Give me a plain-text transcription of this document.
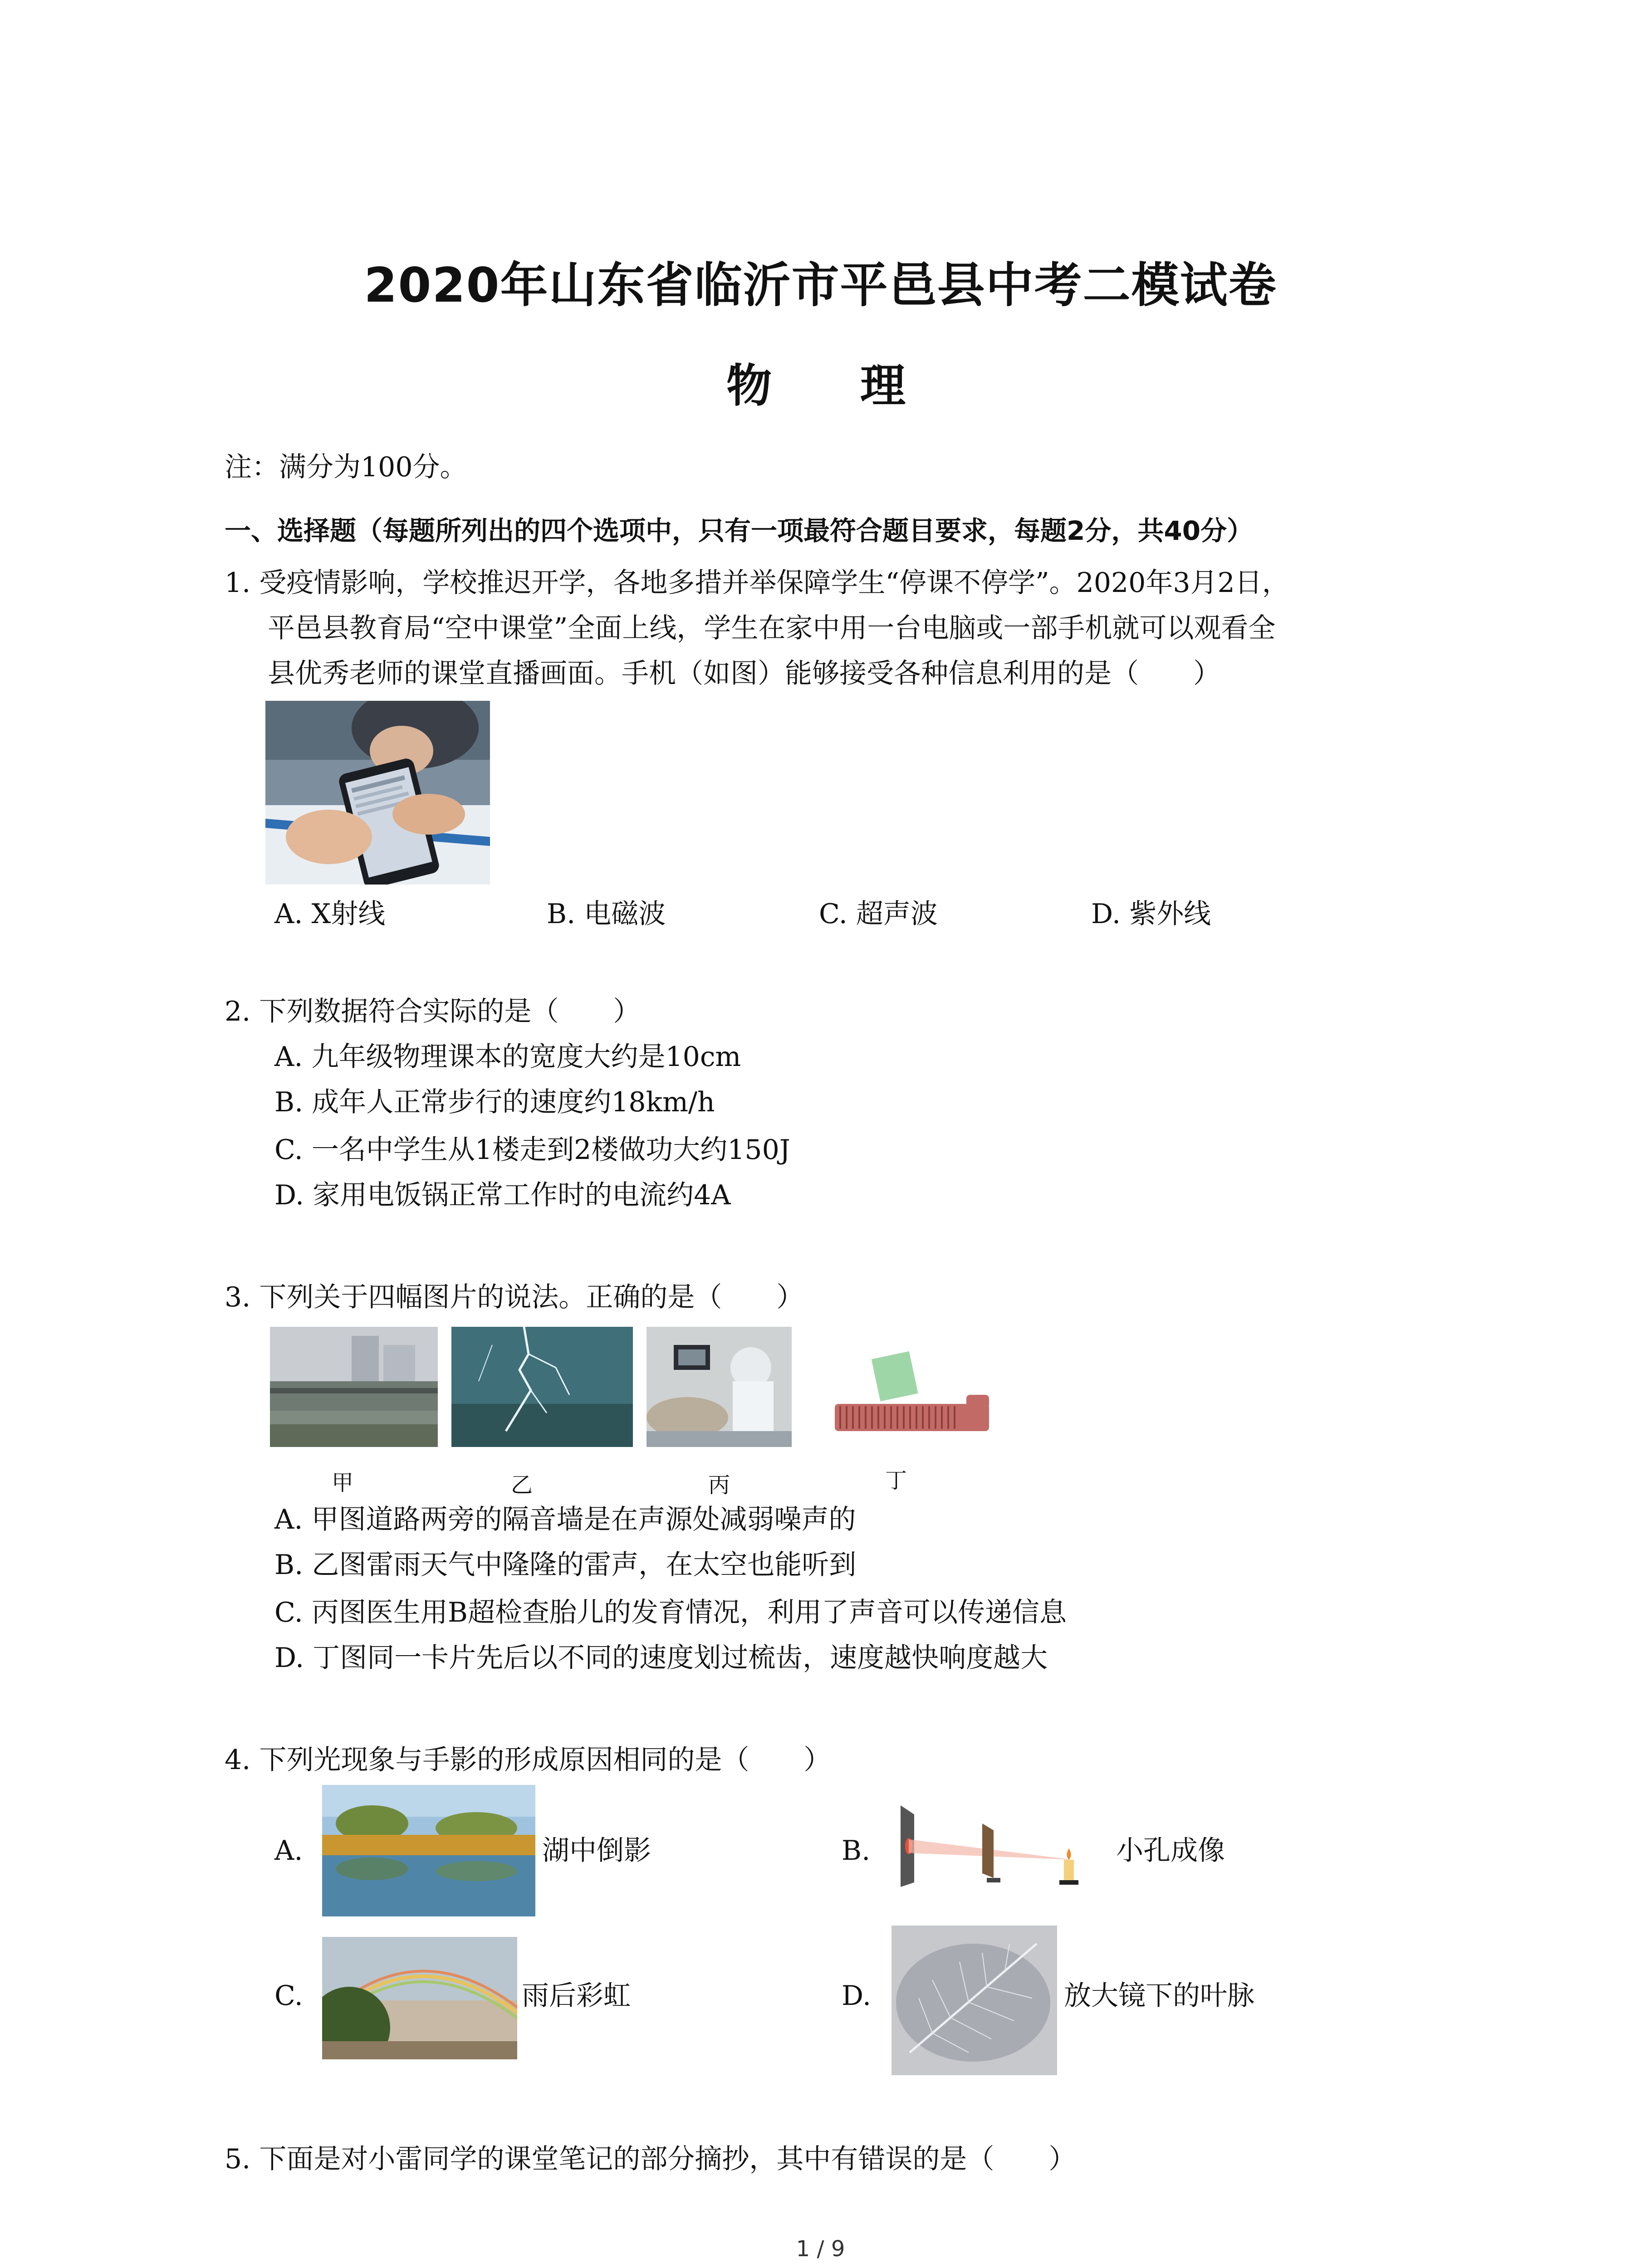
2020年山东省临沂市平邑县中考二模试卷
物 理
注：满分为100分。
一、选择题（每题所列出的四个选项中，只有一项最符合题目要求，每题2分，共40分）
1. 受疫情影响，学校推迟开学，各地多措并举保障学生“停课不停学”。2020年3月2日，
平邑县教育局“空中课堂”全面上线，学生在家中用一台电脑或一部手机就可以观看全
县优秀老师的课堂直播画面。手机（如图）能够接受各种信息利用的是（　　）
A. X射线	B. 电磁波	C. 超声波	D. 紫外线
2. 下列数据符合实际的是（　　）
A. 九年级物理课本的宽度大约是10cm
B. 成年人正常步行的速度约18km/h
C. 一名中学生从1楼走到2楼做功大约150J
D. 家用电饭锅正常工作时的电流约4A
3. 下列关于四幅图片的说法。正确的是（　　）
甲	乙	丙	丁
A. 甲图道路两旁的隔音墙是在声源处减弱噪声的
B. 乙图雷雨天气中隆隆的雷声，在太空也能听到
C. 丙图医生用B超检查胎儿的发育情况，利用了声音可以传递信息
D. 丁图同一卡片先后以不同的速度划过梳齿，速度越快响度越大
4. 下列光现象与手影的形成原因相同的是（　　）
A.	湖中倒影	B.	小孔成像
C.	雨后彩虹	D.	放大镜下的叶脉
5. 下面是对小雷同学的课堂笔记的部分摘抄，其中有错误的是（　　）
1 / 9
